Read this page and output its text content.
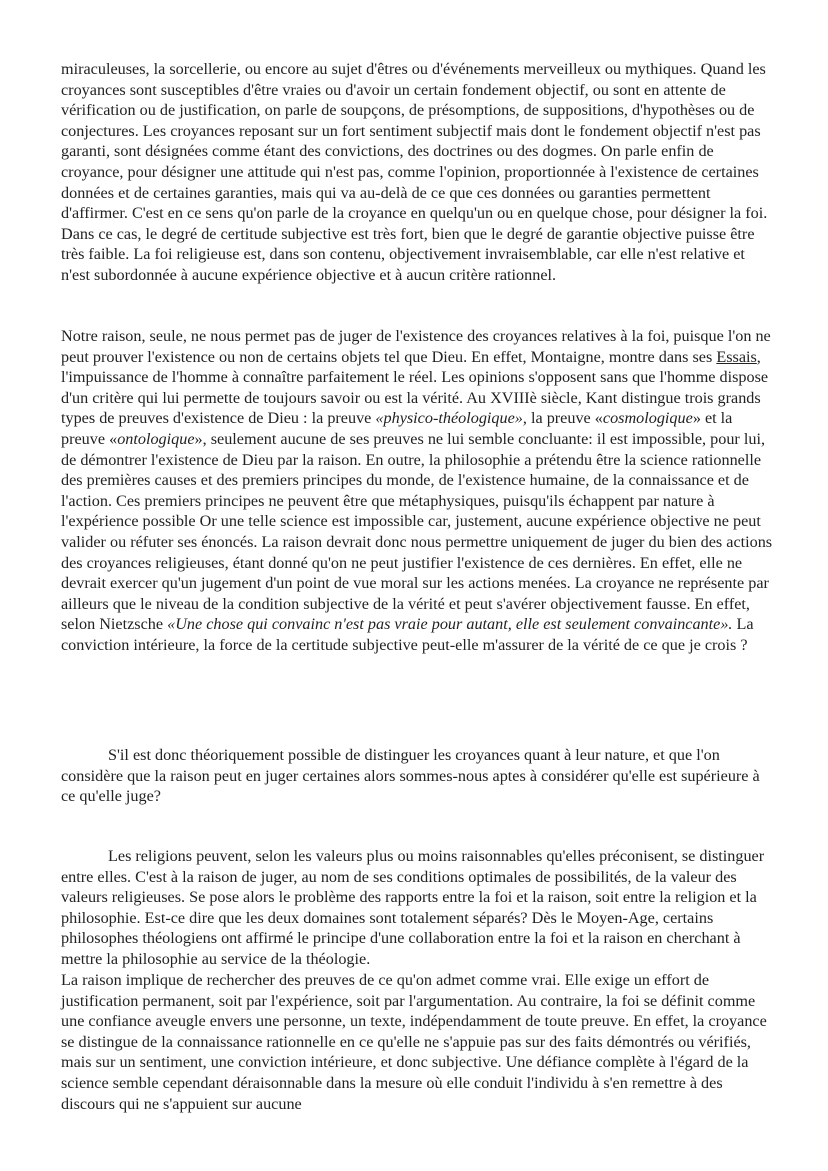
miraculeuses, la sorcellerie, ou encore au sujet d'êtres ou d'événements merveilleux ou mythiques. Quand les croyances sont susceptibles d'être vraies ou d'avoir un certain fondement objectif, ou sont en attente de vérification ou de justification, on parle de soupçons, de présomptions, de suppositions, d'hypothèses ou de conjectures. Les croyances reposant sur un fort sentiment subjectif mais dont le fondement objectif n'est pas garanti, sont désignées comme étant des convictions, des doctrines ou des dogmes. On parle enfin de croyance, pour désigner une attitude qui n'est pas, comme l'opinion, proportionnée à l'existence de certaines données et de certaines garanties, mais qui va au-delà de ce que ces données ou garanties permettent d'affirmer. C'est en ce sens qu'on parle de la croyance en quelqu'un ou en quelque chose, pour désigner la foi. Dans ce cas, le degré de certitude subjective est très fort, bien que le degré de garantie objective puisse être très faible. La foi religieuse est, dans son contenu, objectivement invraisemblable, car elle n'est relative et n'est subordonnée à aucune expérience objective et à aucun critère rationnel.

Notre raison, seule, ne nous permet pas de juger de l'existence des croyances relatives à la foi, puisque l'on ne peut prouver l'existence ou non de certains objets tel que Dieu. En effet, Montaigne, montre dans ses Essais, l'impuissance de l'homme à connaître parfaitement le réel. Les opinions s'opposent sans que l'homme dispose d'un critère qui lui permette de toujours savoir ou est la vérité. Au XVIIIè siècle, Kant distingue trois grands types de preuves d'existence de Dieu : la preuve «physico-théologique», la preuve «cosmologique» et la preuve «ontologique», seulement aucune de ses preuves ne lui semble concluante: il est impossible, pour lui, de démontrer l'existence de Dieu par la raison. En outre, la philosophie a prétendu être la science rationnelle des premières causes et des premiers principes du monde, de l'existence humaine, de la connaissance et de l'action. Ces premiers principes ne peuvent être que métaphysiques, puisqu'ils échappent par nature à l'expérience possible Or une telle science est impossible car, justement, aucune expérience objective ne peut valider ou réfuter ses énoncés. La raison devrait donc nous permettre uniquement de juger du bien des actions des croyances religieuses, étant donné qu'on ne peut justifier l'existence de ces dernières. En effet, elle ne devrait exercer qu'un jugement d'un point de vue moral sur les actions menées. La croyance ne représente par ailleurs que le niveau de la condition subjective de la vérité et peut s'avérer objectivement fausse. En effet, selon Nietzsche «Une chose qui convainc n'est pas vraie pour autant, elle est seulement convaincante». La conviction intérieure, la force de la certitude subjective peut-elle m'assurer de la vérité de ce que je crois ?

S'il est donc théoriquement possible de distinguer les croyances quant à leur nature, et que l'on considère que la raison peut en juger certaines alors sommes-nous aptes à considérer qu'elle est supérieure à ce qu'elle juge?

Les religions peuvent, selon les valeurs plus ou moins raisonnables qu'elles préconisent, se distinguer entre elles. C'est à la raison de juger, au nom de ses conditions optimales de possibilités, de la valeur des valeurs religieuses. Se pose alors le problème des rapports entre la foi et la raison, soit entre la religion et la philosophie. Est-ce dire que les deux domaines sont totalement séparés? Dès le Moyen-Age, certains philosophes théologiens ont affirmé le principe d'une collaboration entre la foi et la raison en cherchant à mettre la philosophie au service de la théologie.

La raison implique de rechercher des preuves de ce qu'on admet comme vrai. Elle exige un effort de justification permanent, soit par l'expérience, soit par l'argumentation. Au contraire, la foi se définit comme une confiance aveugle envers une personne, un texte, indépendamment de toute preuve. En effet, la croyance se distingue de la connaissance rationnelle en ce qu'elle ne s'appuie pas sur des faits démontrés ou vérifiés, mais sur un sentiment, une conviction intérieure, et donc subjective. Une défiance complète à l'égard de la science semble cependant déraisonnable dans la mesure où elle conduit l'individu à s'en remettre à des discours qui ne s'appuient sur aucune
